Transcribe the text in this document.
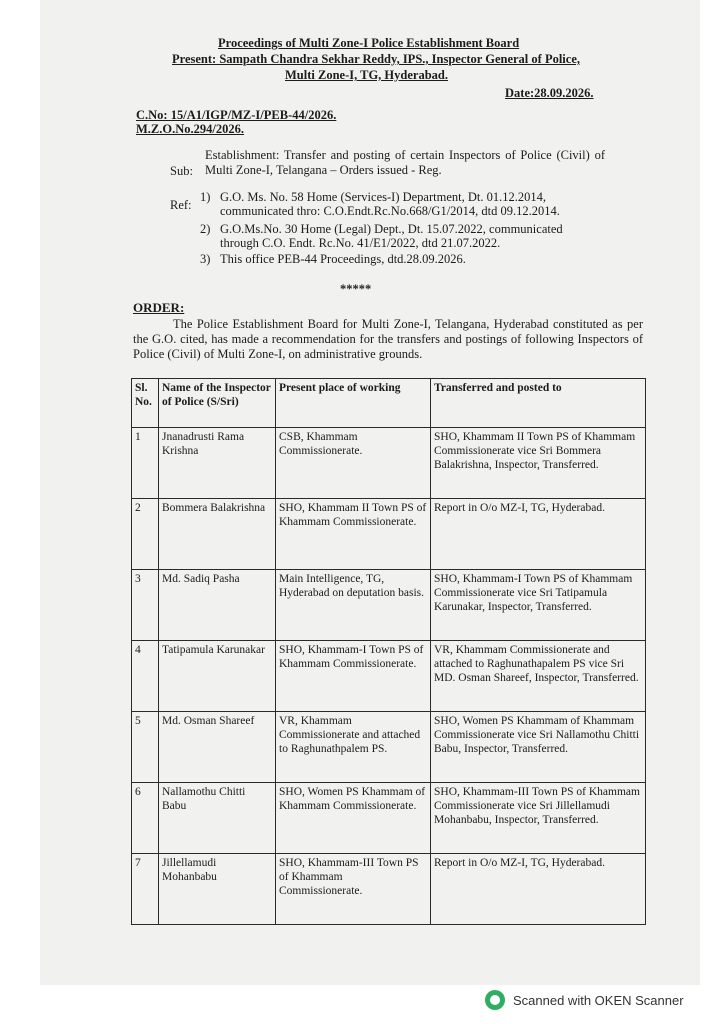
Proceedings of Multi Zone-I Police Establishment Board
Present: Sampath Chandra Sekhar Reddy, IPS., Inspector General of Police,
Multi Zone-I, TG, Hyderabad.
Date:28.09.2026.
C.No: 15/A1/IGP/MZ-I/PEB-44/2026.
M.Z.O.No.294/2026.
Sub:
Establishment: Transfer and posting of certain Inspectors of Police (Civil) of Multi Zone-I, Telangana – Orders issued - Reg.
Ref:
1) G.O. Ms. No. 58 Home (Services-I) Department, Dt. 01.12.2014, communicated thro: C.O.Endt.Rc.No.668/G1/2014, dtd 09.12.2014.
2) G.O.Ms.No. 30 Home (Legal) Dept., Dt. 15.07.2022, communicated through C.O. Endt. Rc.No. 41/E1/2022, dtd 21.07.2022.
3) This office PEB-44 Proceedings, dtd.28.09.2026.
*****
ORDER:
The Police Establishment Board for Multi Zone-I, Telangana, Hyderabad constituted as per the G.O. cited, has made a recommendation for the transfers and postings of following Inspectors of Police (Civil) of Multi Zone-I, on administrative grounds.
Sl. No.	Name of the Inspector of Police (S/Sri)	Present place of working	Transferred and posted to
1	Jnanadrusti Rama Krishna	CSB, Khammam Commissionerate.	SHO, Khammam II Town PS of Khammam Commissionerate vice Sri Bommera Balakrishna, Inspector, Transferred.
2	Bommera Balakrishna	SHO, Khammam II Town PS of Khammam Commissionerate.	Report in O/o MZ-I, TG, Hyderabad.
3	Md. Sadiq Pasha	Main Intelligence, TG, Hyderabad on deputation basis.	SHO, Khammam-I Town PS of Khammam Commissionerate vice Sri Tatipamula Karunakar, Inspector, Transferred.
4	Tatipamula Karunakar	SHO, Khammam-I Town PS of Khammam Commissionerate.	VR, Khammam Commissionerate and attached to Raghunathapalem PS vice Sri MD. Osman Shareef, Inspector, Transferred.
5	Md. Osman Shareef	VR, Khammam Commissionerate and attached to Raghunathpalem PS.	SHO, Women PS Khammam of Khammam Commissionerate vice Sri Nallamothu Chitti Babu, Inspector, Transferred.
6	Nallamothu Chitti Babu	SHO, Women PS Khammam of Khammam Commissionerate.	SHO, Khammam-III Town PS of Khammam Commissionerate vice Sri Jillellamudi Mohanbabu, Inspector, Transferred.
7	Jillellamudi Mohanbabu	SHO, Khammam-III Town PS of Khammam Commissionerate.	Report in O/o MZ-I, TG, Hyderabad.
Scanned with OKEN Scanner
